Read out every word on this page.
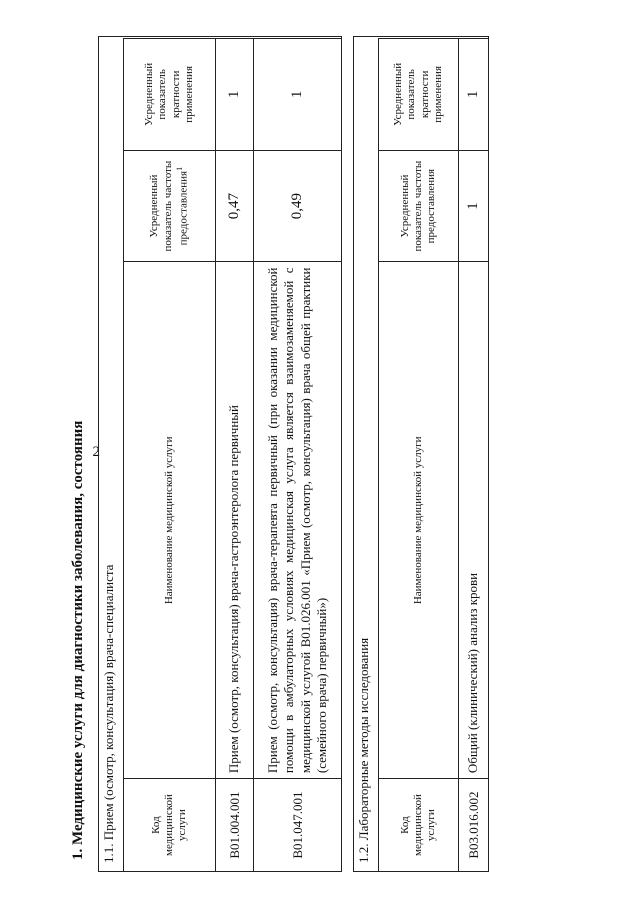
2
1. Медицинские услуги для диагностики заболевания, состояния 1.1. Прием (осмотр, консультация) врача-специалиста	Код медицинской услуги	Наименование медицинской услуги	Усредненный показатель частоты предоставления$^1$	Усредненный показатель кратности применения
B01.004.001	Прием (осмотр, консультация) врача-гастроэнтеролога первичный	0,47	1
B01.047.001	Прием (осмотр, консультация) врача-терапевта первичный (при оказании медицинской помощи в амбулаторных условиях медицинская услуга является взаимозаменяемой с медицинской услугой B01.026.001 «Прием (осмотр, консультация) врача общей практики (семейного врача) первичный»)	0,49	1
1.2. Лабораторные методы исследования	Код медицинской услуги	Наименование медицинской услуги	Усредненный показатель частоты предоставления	Усредненный показатель кратности применения
B03.016.002	Общий (клинический) анализ крови	1	1
